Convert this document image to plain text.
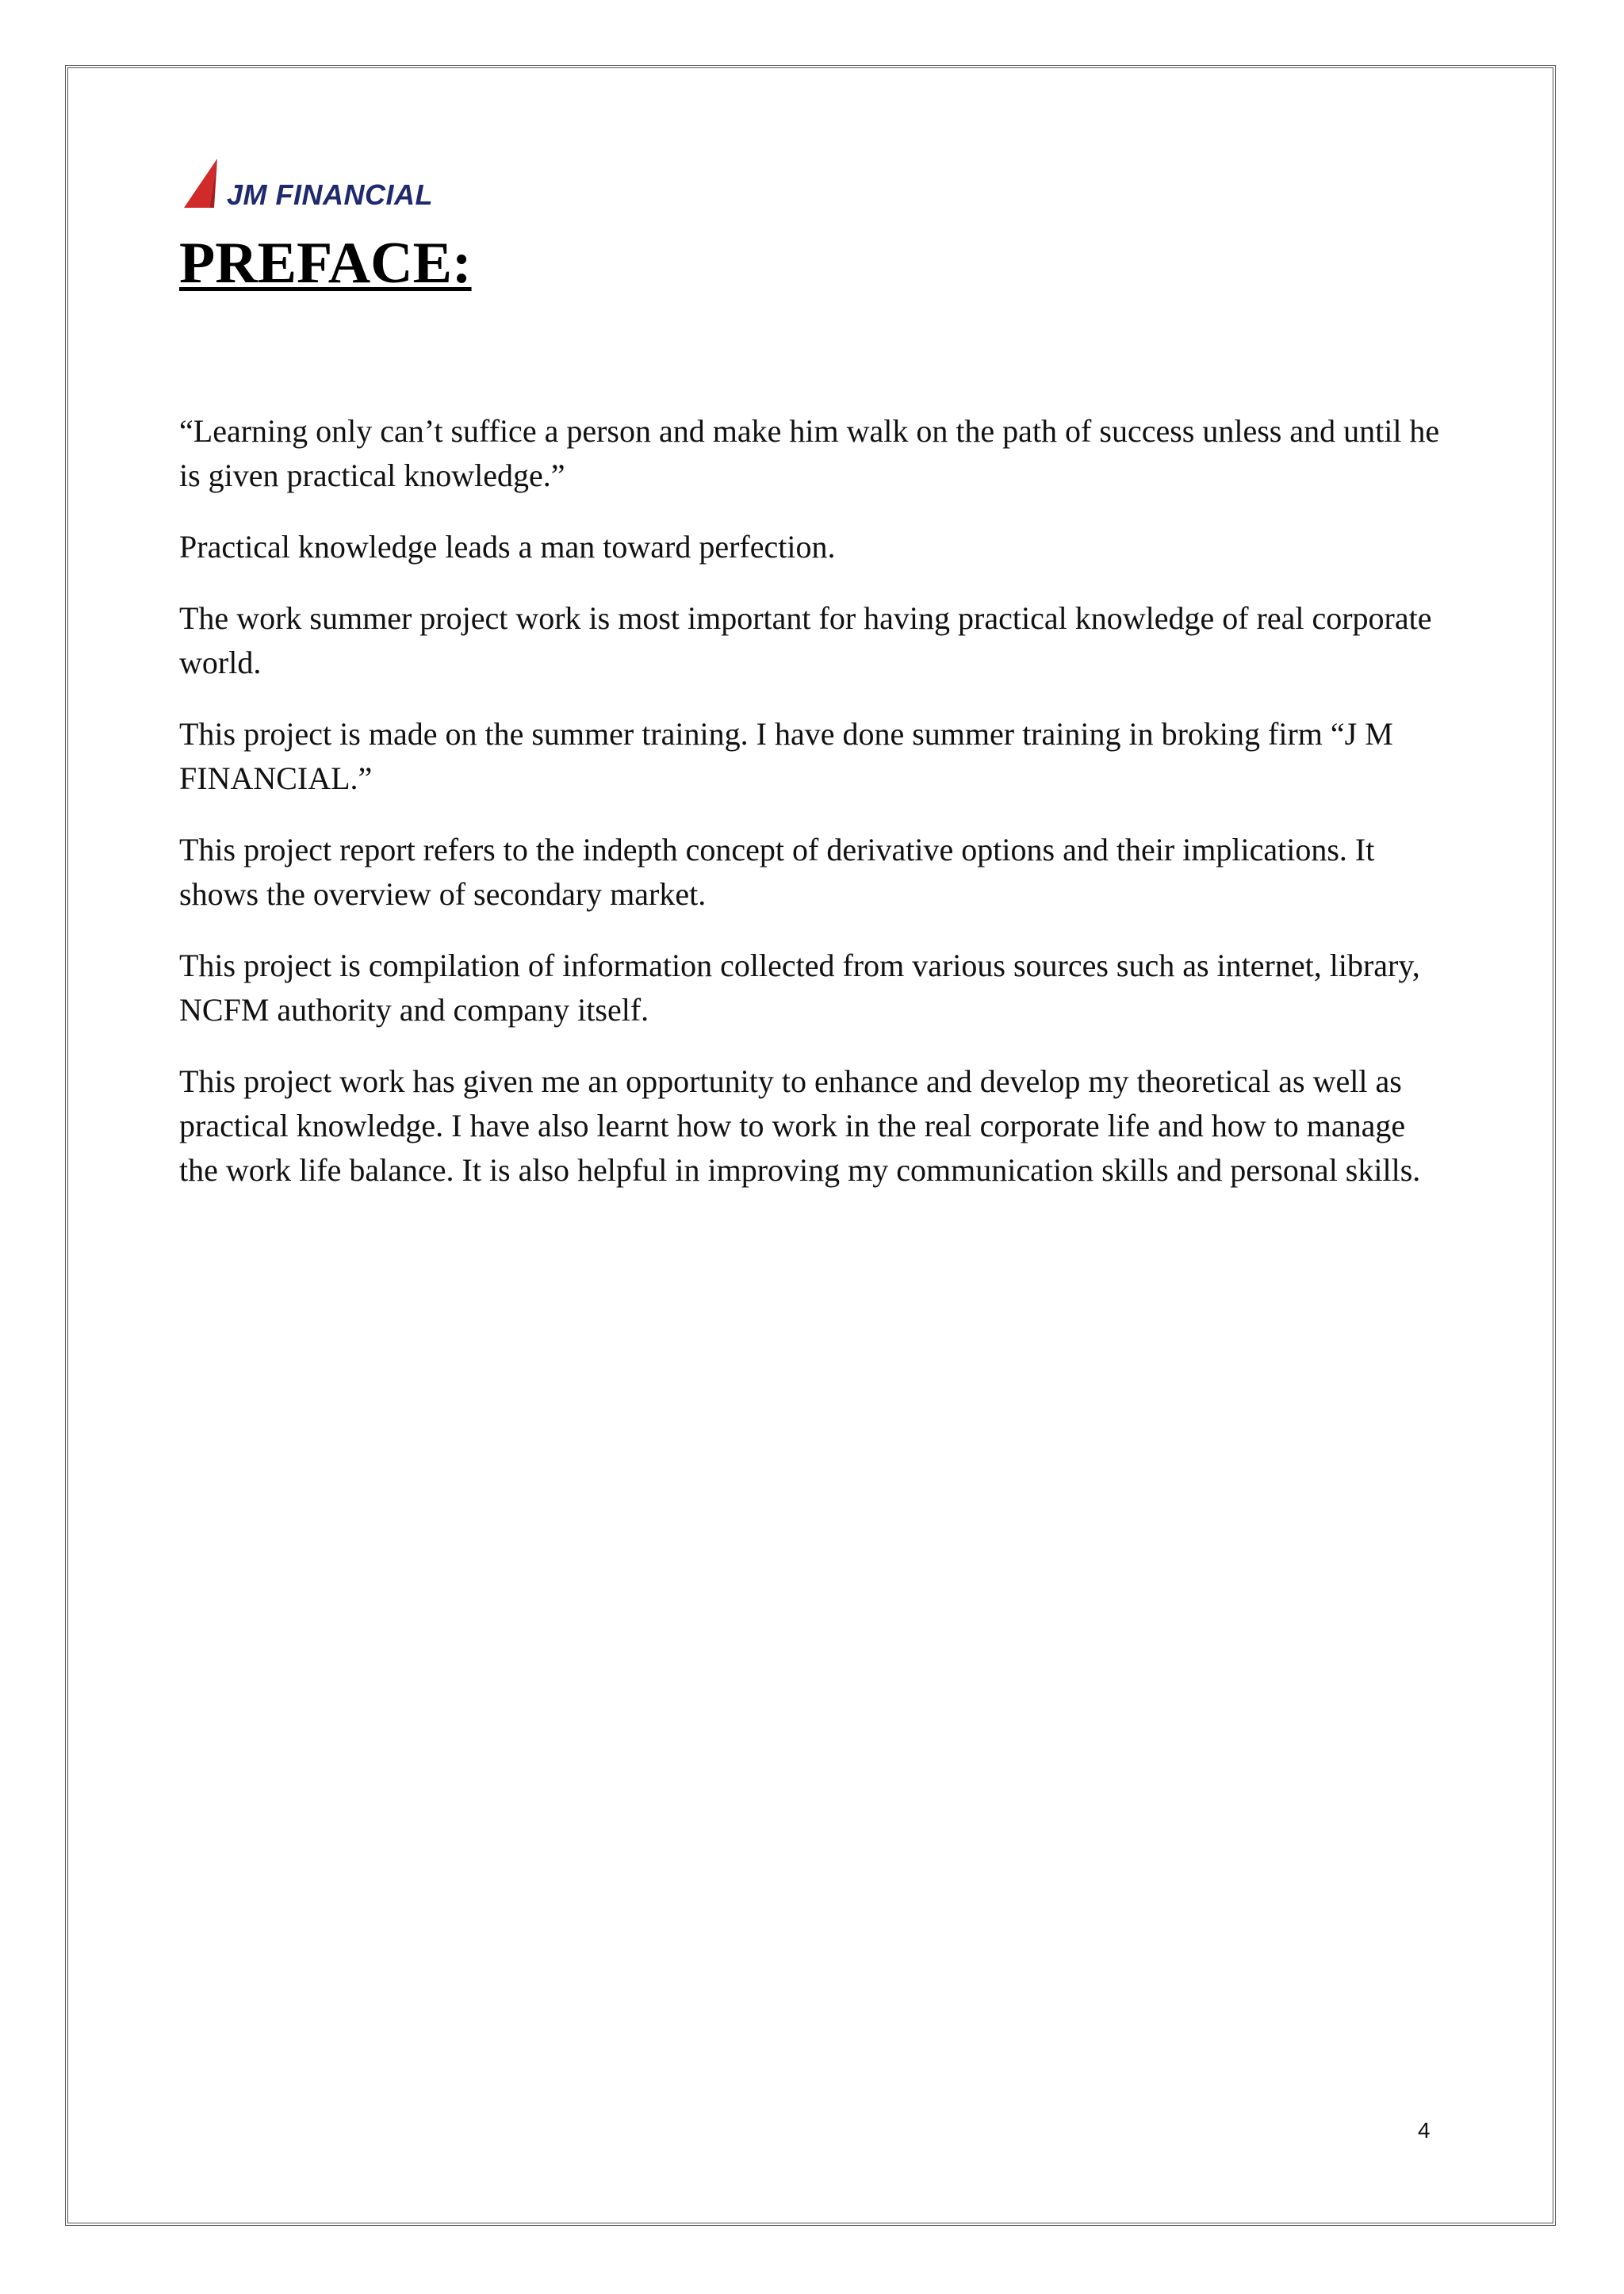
JM FINANCIAL
PREFACE:

“Learning only can’t suffice a person and make him walk on the path of success unless and until he is given practical knowledge.”

Practical knowledge leads a man toward perfection.

The work summer project work is most important for having practical knowledge of real corporate world.

This project is made on the summer training. I have done summer training in broking firm “J M FINANCIAL.”

This project report refers to the indepth concept of derivative options and their implications. It shows the overview of secondary market.

This project is compilation of information collected from various sources such as internet, library, NCFM authority and company itself.

This project work has given me an opportunity to enhance and develop my theoretical as well as practical knowledge. I have also learnt how to work in the real corporate life and how to manage the work life balance. It is also helpful in improving my communication skills and personal skills.

4
